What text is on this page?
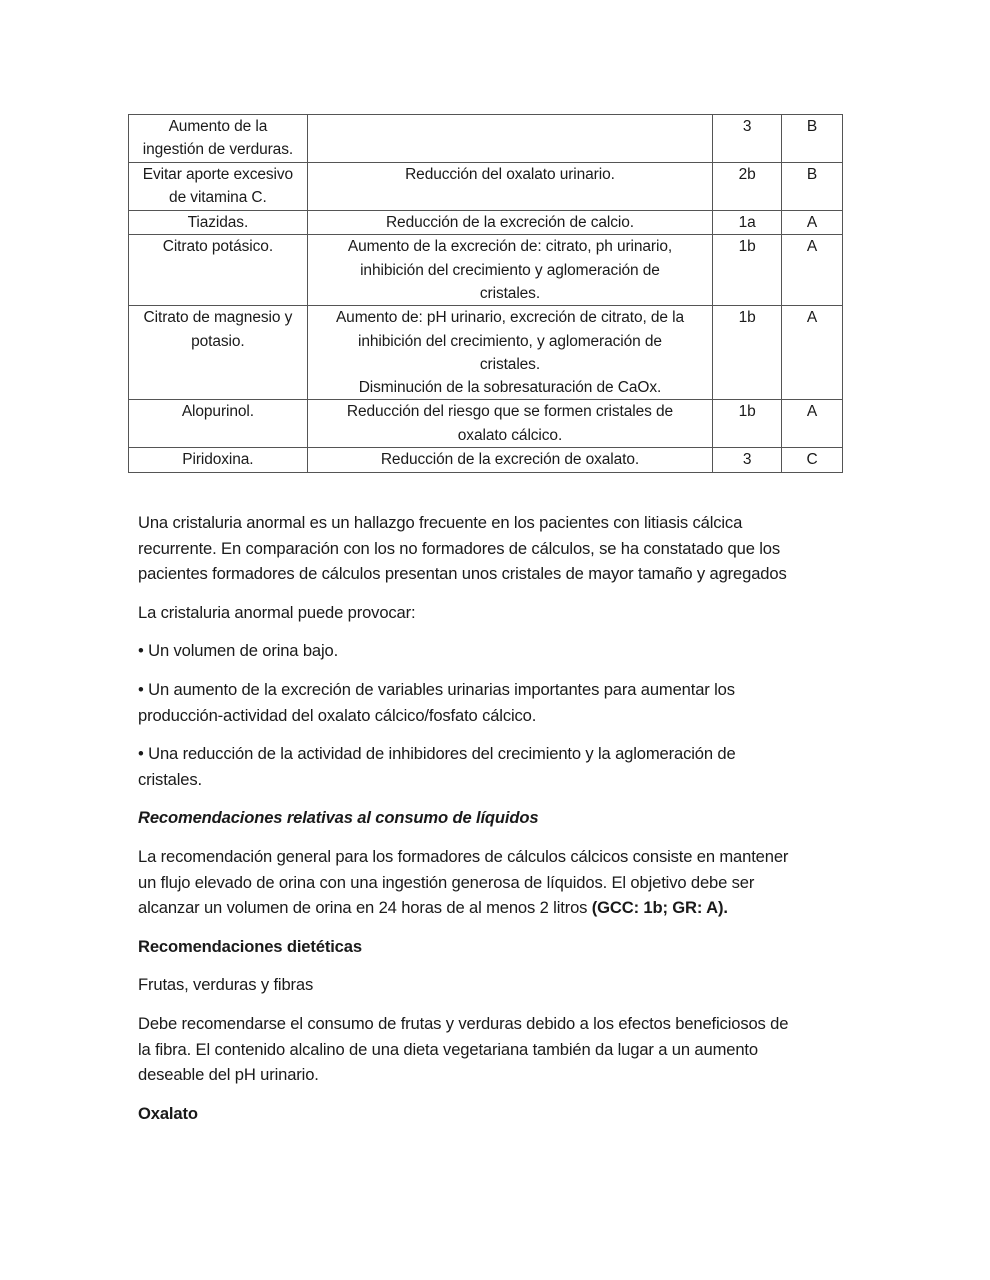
Aumento de la
ingestión de verduras.		3	B

Evitar aporte excesivo
de vitamina C.	Reducción del oxalato urinario.	2b	B

Tiazidas.	Reducción de la excreción de calcio.	1a	A

Citrato potásico.	Aumento de la excreción de: citrato, ph urinario,
inhibición del crecimiento y aglomeración de
cristales.	1b	A

Citrato de magnesio y
potasio.	Aumento de: pH urinario, excreción de citrato, de la
inhibición del crecimiento, y aglomeración de
cristales.
Disminución de la sobresaturación de CaOx.	1b	A

Alopurinol.	Reducción del riesgo que se formen cristales de
oxalato cálcico.	1b	A

Piridoxina.	Reducción de la excreción de oxalato.	3	C

Una cristaluria anormal es un hallazgo frecuente en los pacientes con litiasis cálcica
recurrente. En comparación con los no formadores de cálculos, se ha constatado que los
pacientes formadores de cálculos presentan unos cristales de mayor tamaño y agregados

La cristaluria anormal puede provocar:

• Un volumen de orina bajo.

• Un aumento de la excreción de variables urinarias importantes para aumentar los
producción-actividad del oxalato cálcico/fosfato cálcico.

• Una reducción de la actividad de inhibidores del crecimiento y la aglomeración de
cristales.

Recomendaciones relativas al consumo de líquidos

La recomendación general para los formadores de cálculos cálcicos consiste en mantener
un flujo elevado de orina con una ingestión generosa de líquidos. El objetivo debe ser
alcanzar un volumen de orina en 24 horas de al menos 2 litros (GCC: 1b; GR: A).

Recomendaciones dietéticas

Frutas, verduras y fibras

Debe recomendarse el consumo de frutas y verduras debido a los efectos beneficiosos de
la fibra. El contenido alcalino de una dieta vegetariana también da lugar a un aumento
deseable del pH urinario.

Oxalato
